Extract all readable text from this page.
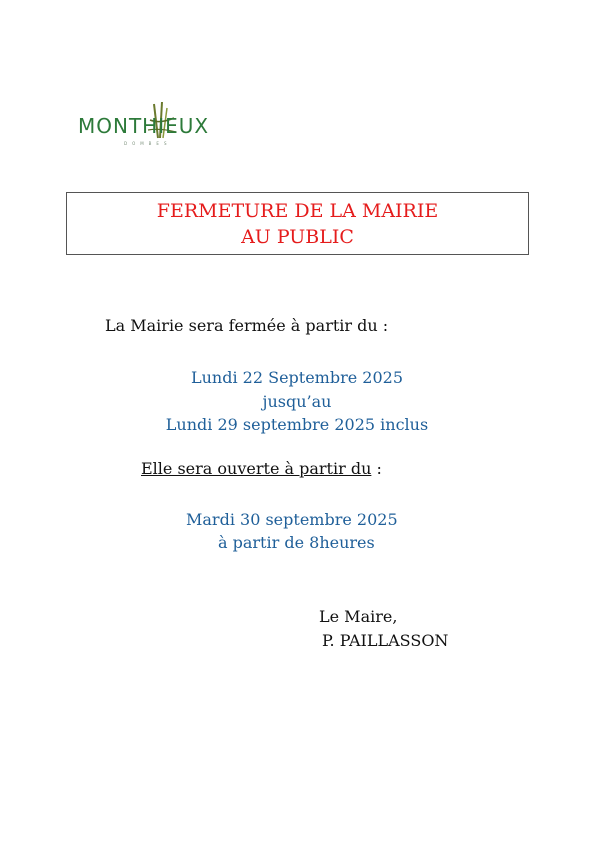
MONTHIEUX
DOMBES
FERMETURE DE LA MAIRIE
AU PUBLIC
La Mairie sera fermée à partir du :
Lundi 22 Septembre 2025
jusqu’au
Lundi 29 septembre 2025 inclus
Elle sera ouverte à partir du :
Mardi 30 septembre 2025
à partir de 8heures
Le Maire,
P. PAILLASSON
